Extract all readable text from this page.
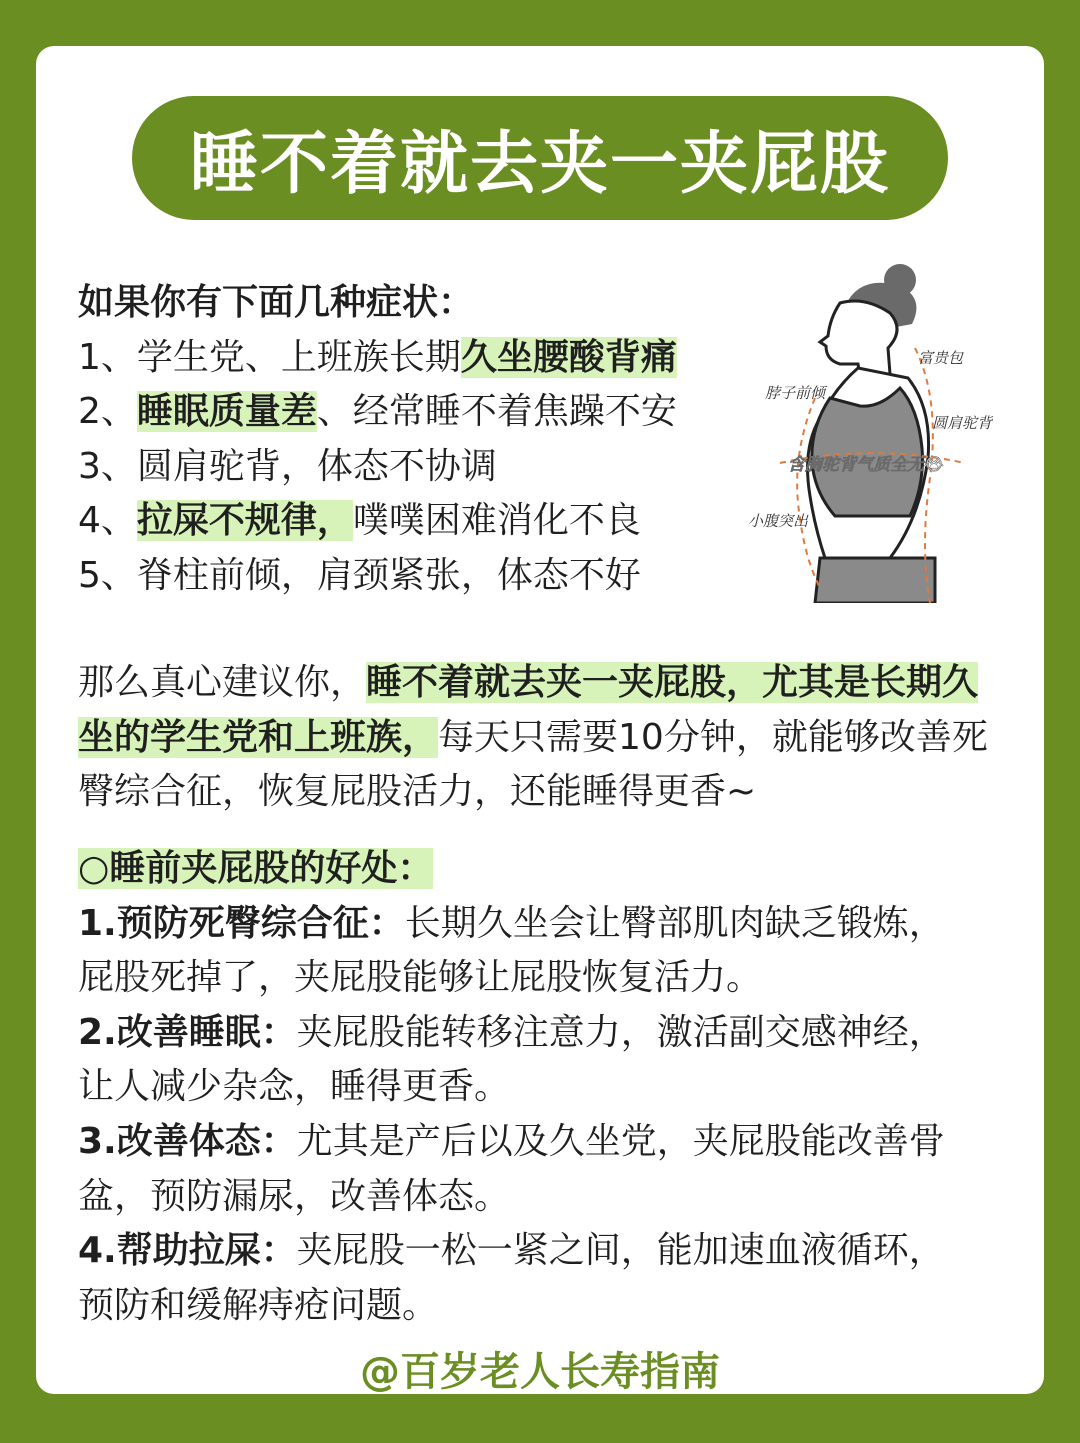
睡不着就去夹一夹屁股
如果你有下面几种症状：
1、学生党、上班族长期久坐腰酸背痛
2、睡眠质量差、经常睡不着焦躁不安
3、圆肩驼背，体态不协调
4、拉屎不规律，噗噗困难消化不良
5、脊柱前倾，肩颈紧张，体态不好
富贵包
脖子前倾
圆肩驼背
含胸驼背气质全无😭
小腹突出
那么真心建议你，睡不着就去夹一夹屁股，尤其是长期久坐的学生党和上班族，每天只需要10分钟，就能够改善死臀综合征，恢复屁股活力，还能睡得更香~
○睡前夹屁股的好处：
1.预防死臀综合征：长期久坐会让臀部肌肉缺乏锻炼，屁股死掉了，夹屁股能够让屁股恢复活力。
2.改善睡眠：夹屁股能转移注意力，激活副交感神经，让人减少杂念，睡得更香。
3.改善体态：尤其是产后以及久坐党，夹屁股能改善骨盆，预防漏尿，改善体态。
4.帮助拉屎：夹屁股一松一紧之间，能加速血液循环，预防和缓解痔疮问题。
@百岁老人长寿指南
